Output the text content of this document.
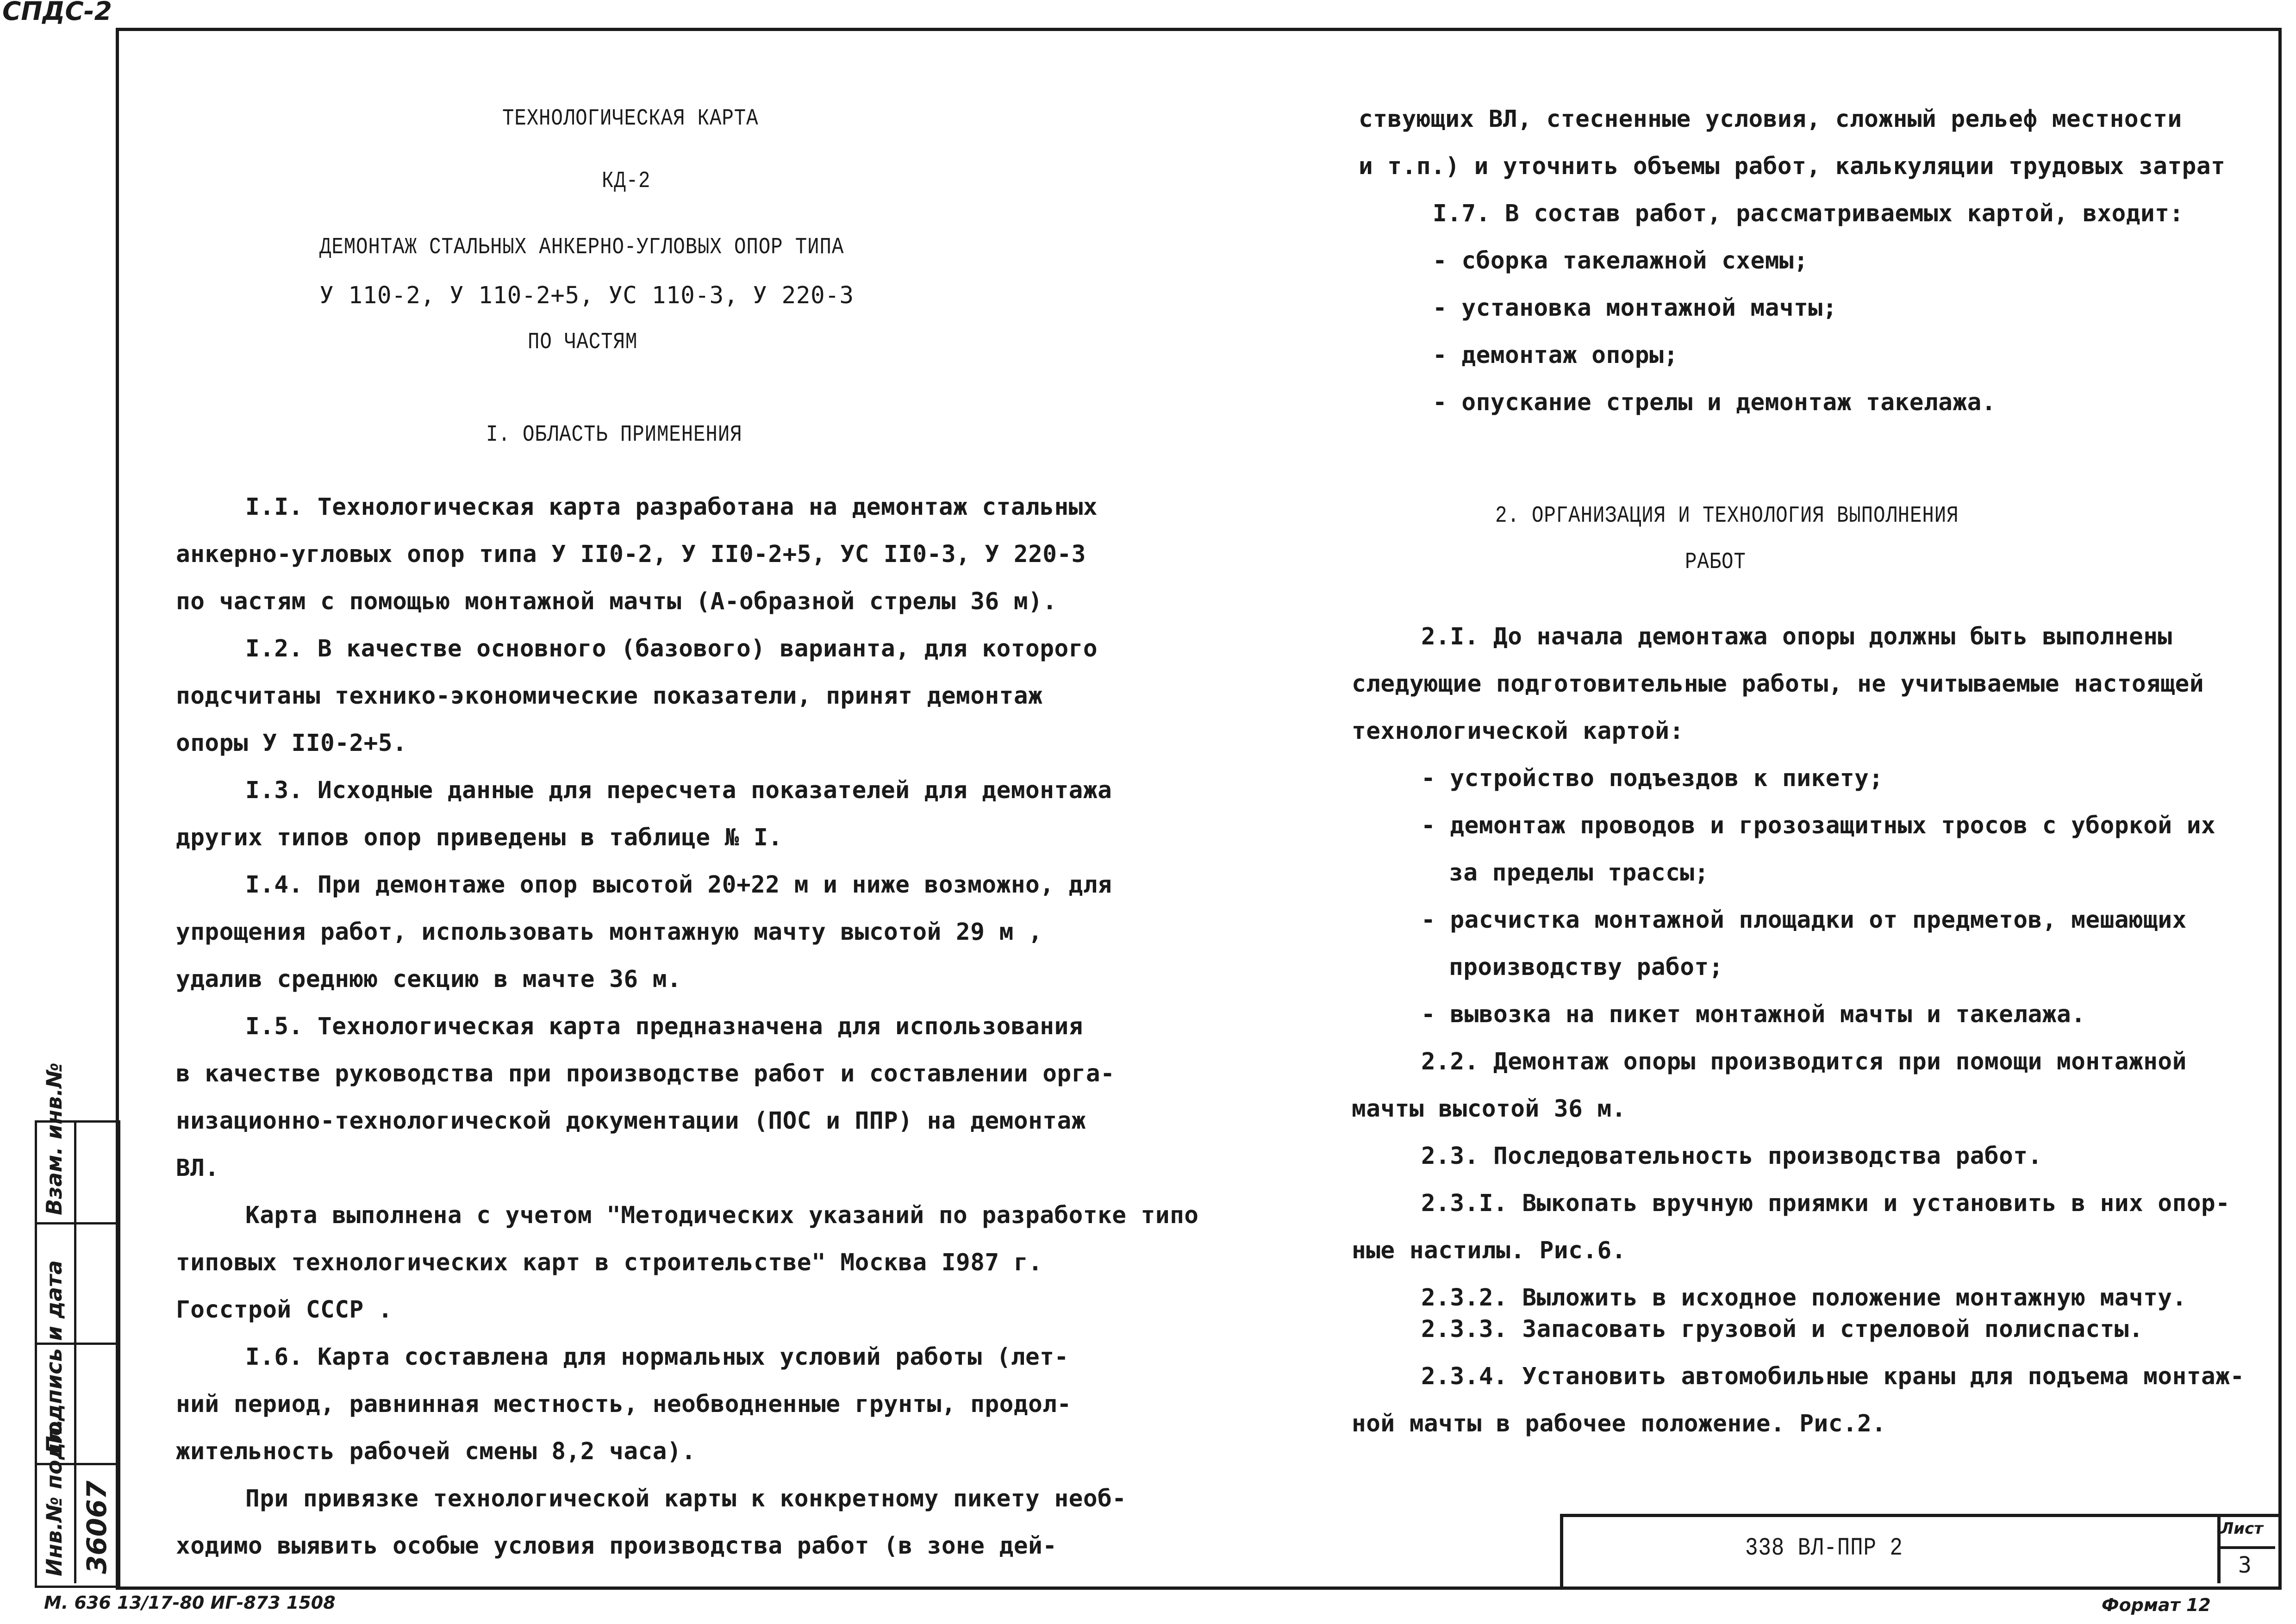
СПДС-2
Взам. инв.№
Подпись и дата
Инв.№ подл. 36067
ТЕХНОЛОГИЧЕСКАЯ КАРТА
КД-2
ДЕМОНТАЖ СТАЛЬНЫХ АНКЕРНО-УГЛОВЫХ ОПОР ТИПА
У 110-2, У 110-2+5, УС 110-3, У 220-3
ПО ЧАСТЯМ
I. ОБЛАСТЬ ПРИМЕНЕНИЯ
I.I. Технологическая карта разработана на демонтаж стальных
анкерно-угловых опор типа У II0-2, У II0-2+5, УС II0-3, У 220-3
по частям с помощью монтажной мачты (А-образной стрелы 36 м).
I.2. В качестве основного (базового) варианта, для которого
подсчитаны технико-экономические показатели, принят демонтаж
опоры У II0-2+5.
I.3. Исходные данные для пересчета показателей для демонтажа
других типов опор приведены в таблице № I.
I.4. При демонтаже опор высотой 20+22 м и ниже возможно, для
упрощения работ, использовать монтажную мачту высотой 29 м ,
удалив среднюю секцию в мачте 36 м.
I.5. Технологическая карта предназначена для использования
в качестве руководства при производстве работ и составлении орга-
низационно-технологической документации (ПОС и ППР) на демонтаж
ВЛ.
Карта выполнена с учетом "Методических указаний по разработке типо
типовых технологических карт в строительстве" Москва I987 г.
Госстрой СССР .
I.6. Карта составлена для нормальных условий работы (лет-
ний период, равнинная местность, необводненные грунты, продол-
жительность рабочей смены 8,2 часа).
При привязке технологической карты к конкретному пикету необ-
ходимо выявить особые условия производства работ (в зоне дей-
ствующих ВЛ, стесненные условия, сложный рельеф местности
и т.п.) и уточнить объемы работ, калькуляции трудовых затрат
I.7. В состав работ, рассматриваемых картой, входит:
- сборка такелажной схемы;
- установка монтажной мачты;
- демонтаж опоры;
- опускание стрелы и демонтаж такелажа.
2. ОРГАНИЗАЦИЯ И ТЕХНОЛОГИЯ ВЫПОЛНЕНИЯ
РАБОТ
2.I. До начала демонтажа опоры должны быть выполнены
следующие подготовительные работы, не учитываемые настоящей
технологической картой:
- устройство подъездов к пикету;
- демонтаж проводов и грозозащитных тросов с уборкой их
за пределы трассы;
- расчистка монтажной площадки от предметов, мешающих
производству работ;
- вывозка на пикет монтажной мачты и такелажа.
2.2. Демонтаж опоры производится при помощи монтажной
мачты высотой 36 м.
2.3. Последовательность производства работ.
2.3.I. Выкопать вручную приямки и установить в них опор-
ные настилы. Рис.6.
2.3.2. Выложить в исходное положение монтажную мачту.
2.3.3. Запасовать грузовой и стреловой полиспасты.
2.3.4. Установить автомобильные краны для подъема монтаж-
ной мачты в рабочее положение. Рис.2.
338 ВЛ-ППР 2
Лист
3
М. 636 13/17-80 ИГ-873 1508	Формат 12
